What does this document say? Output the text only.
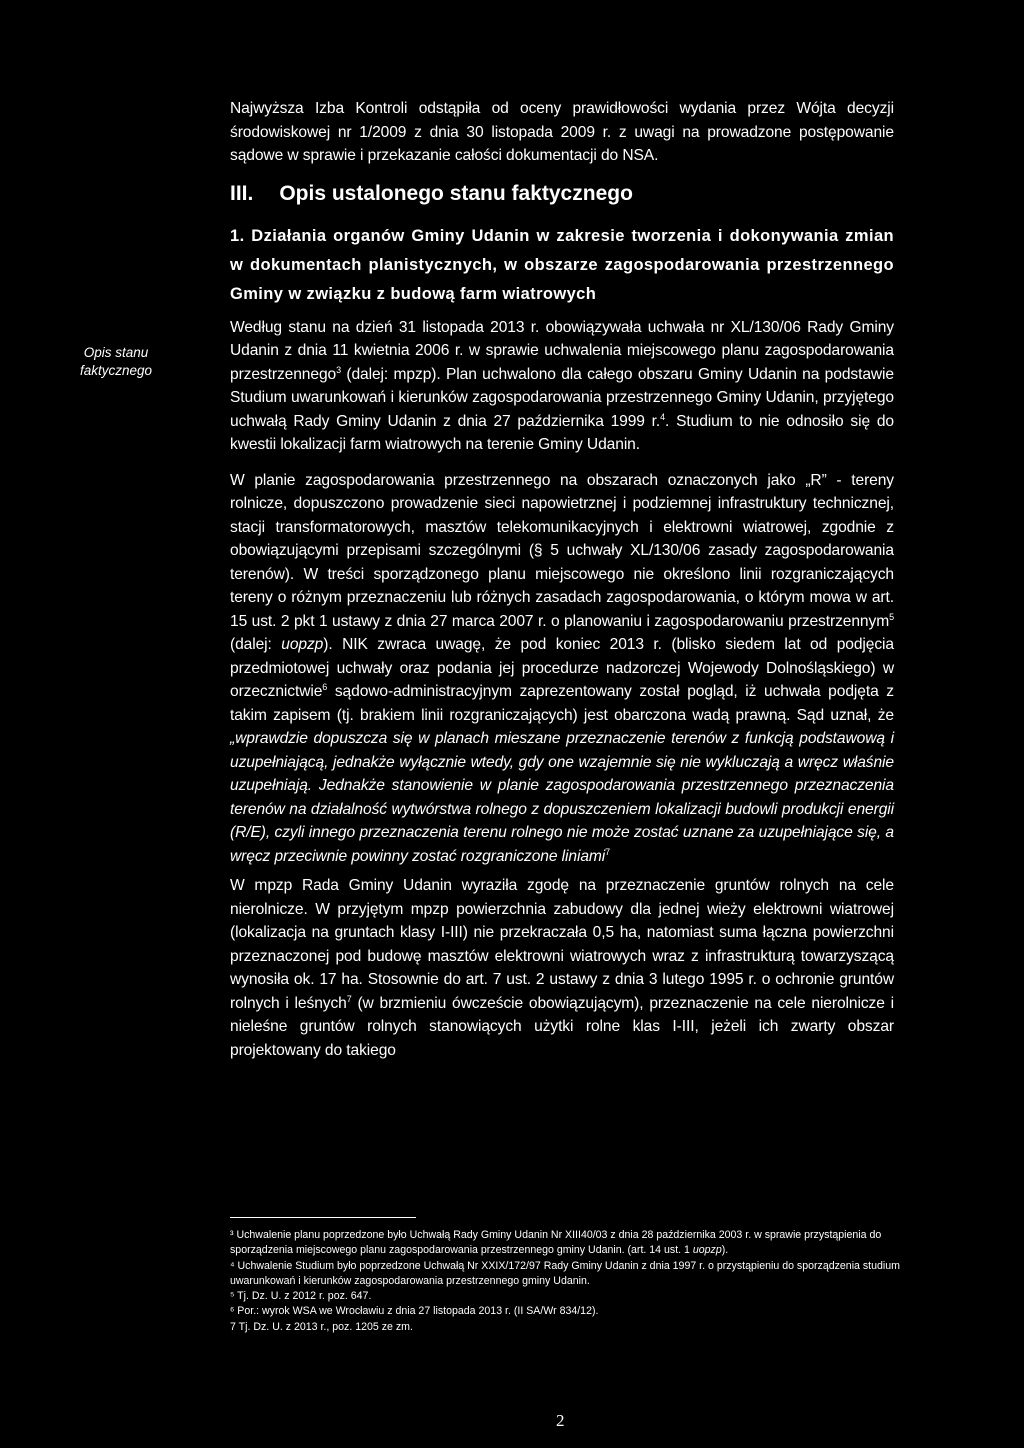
Opis stanu faktycznego

Najwyższa Izba Kontroli odstąpiła od oceny prawidłowości wydania przez Wójta decyzji środowiskowej nr 1/2009 z dnia 30 listopada 2009 r. z uwagi na prowadzone postępowanie sądowe w sprawie i przekazanie całości dokumentacji do NSA.

III. Opis ustalonego stanu faktycznego

1. Działania organów Gminy Udanin w zakresie tworzenia i dokonywania zmian w dokumentach planistycznych, w obszarze zagospodarowania przestrzennego Gminy w związku z budową farm wiatrowych

Według stanu na dzień 31 listopada 2013 r. obowiązywała uchwała nr XL/130/06 Rady Gminy Udanin z dnia 11 kwietnia 2006 r. w sprawie uchwalenia miejscowego planu zagospodarowania przestrzennego$^3$ (dalej: mpzp). Plan uchwalono dla całego obszaru Gminy Udanin na podstawie Studium uwarunkowań i kierunków zagospodarowania przestrzennego Gminy Udanin, przyjętego uchwałą Rady Gminy Udanin z dnia 27 października 1999 r.$^4$. Studium to nie odnosiło się do kwestii lokalizacji farm wiatrowych na terenie Gminy Udanin.

W planie zagospodarowania przestrzennego na obszarach oznaczonych jako „R” - tereny rolnicze, dopuszczono prowadzenie sieci napowietrznej i podziemnej infrastruktury technicznej, stacji transformatorowych, masztów telekomunikacyjnych i elektrowni wiatrowej, zgodnie z obowiązującymi przepisami szczególnymi (§ 5 uchwały XL/130/06 zasady zagospodarowania terenów). W treści sporządzonego planu miejscowego nie określono linii rozgraniczających tereny o różnym przeznaczeniu lub różnych zasadach zagospodarowania, o którym mowa w art. 15 ust. 2 pkt 1 ustawy z dnia 27 marca 2007 r. o planowaniu i zagospodarowaniu przestrzennym$^5$ (dalej: uopzp). NIK zwraca uwagę, że pod koniec 2013 r. (blisko siedem lat od podjęcia przedmiotowej uchwały oraz podania jej procedurze nadzorczej Wojewody Dolnośląskiego) w orzecznictwie$^6$ sądowo-administracyjnym zaprezentowany został pogląd, iż uchwała podjęta z takim zapisem (tj. brakiem linii rozgraniczających) jest obarczona wadą prawną. Sąd uznał, że „wprawdzie dopuszcza się w planach mieszane przeznaczenie terenów z funkcją podstawową i uzupełniającą, jednakże wyłącznie wtedy, gdy one wzajemnie się nie wykluczają a wręcz właśnie uzupełniają. Jednakże stanowienie w planie zagospodarowania przestrzennego przeznaczenia terenów na działalność wytwórstwa rolnego z dopuszczeniem lokalizacji budowli produkcji energii (R/E), czyli innego przeznaczenia terenu rolnego nie może zostać uznane za uzupełniające się, a wręcz przeciwnie powinny zostać rozgraniczone liniami$^7$

W mpzp Rada Gminy Udanin wyraziła zgodę na przeznaczenie gruntów rolnych na cele nierolnicze. W przyjętym mpzp powierzchnia zabudowy dla jednej wieży elektrowni wiatrowej (lokalizacja na gruntach klasy I-III) nie przekraczała 0,5 ha, natomiast suma łączna powierzchni przeznaczonej pod budowę masztów elektrowni wiatrowych wraz z infrastrukturą towarzyszącą wynosiła ok. 17 ha. Stosownie do art. 7 ust. 2 ustawy z dnia 3 lutego 1995 r. o ochronie gruntów rolnych i leśnych$^7$ (w brzmieniu ówczeście obowiązującym), przeznaczenie na cele nierolnicze i nieleśne gruntów rolnych stanowiących użytki rolne klas I-III, jeżeli ich zwarty obszar projektowany do takiego

³ Uchwalenie planu poprzedzone było Uchwałą Rady Gminy Udanin Nr XIII40/03 z dnia 28 października 2003 r. w sprawie przystąpienia do sporządzenia miejscowego planu zagospodarowania przestrzennego gminy Udanin. (art. 14 ust. 1 uopzp).

⁴ Uchwalenie Studium było poprzedzone Uchwałą Nr XXIX/172/97 Rady Gminy Udanin z dnia 1997 r. o przystąpieniu do sporządzenia studium uwarunkowań i kierunków zagospodarowania przestrzennego gminy Udanin.

⁵ Tj. Dz. U. z 2012 r. poz. 647.

⁶ Por.: wyrok WSA we Wrocławiu z dnia 27 listopada 2013 r. (II SA/Wr 834/12).

7 Tj. Dz. U. z 2013 r., poz. 1205 ze zm.

2
